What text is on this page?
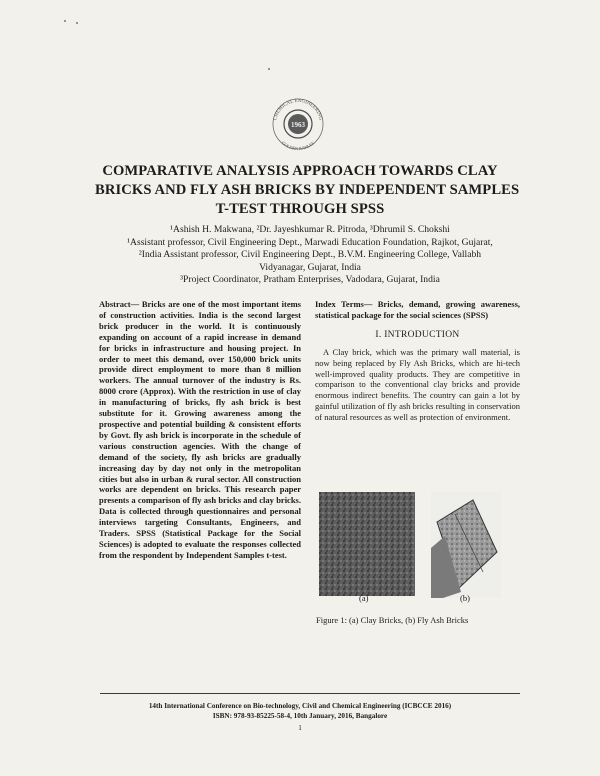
CHEMICAL ENGINEERING
GOLDEN JUBILEE
1963
COMPARATIVE ANALYSIS APPROACH TOWARDS CLAY
BRICKS AND FLY ASH BRICKS BY INDEPENDENT SAMPLES
T-TEST THROUGH SPSS
¹Ashish H. Makwana, ²Dr. Jayeshkumar R. Pitroda, ³Dhrumil S. Chokshi
¹Assistant professor, Civil Engineering Dept., Marwadi Education Foundation, Rajkot, Gujarat,
²India Assistant professor, Civil Engineering Dept., B.V.M. Engineering College, Vallabh
Vidyanagar, Gujarat, India
³Project Coordinator, Pratham Enterprises, Vadodara, Gujarat, India
Abstract— Bricks are one of the most important items of construction activities. India is the second largest brick producer in the world. It is continuously expanding on account of a rapid increase in demand for bricks in infrastructure and housing project. In order to meet this demand, over 150,000 brick units provide direct employment to more than 8 million workers. The annual turnover of the industry is Rs. 8000 crore (Approx). With the restriction in use of clay in manufacturing of bricks, fly ash brick is best substitute for it. Growing awareness among the prospective and potential building & consistent efforts by Govt. fly ash brick is incorporate in the schedule of various construction agencies. With the change of demand of the society, fly ash bricks are gradually increasing day by day not only in the metropolitan cities but also in urban & rural sector. All construction works are dependent on bricks. This research paper presents a comparison of fly ash bricks and clay bricks. Data is collected through questionnaires and personal interviews targeting Consultants, Engineers, and Traders. SPSS (Statistical Package for the Social Sciences) is adopted to evaluate the responses collected from the respondent by Independent Samples t-test.
Index Terms— Bricks, demand, growing awareness, statistical package for the social sciences (SPSS)
I. INTRODUCTION

A Clay brick, which was the primary wall material, is now being replaced by Fly Ash Bricks, which are hi-tech well-improved quality products. They are competitive in comparison to the conventional clay bricks and provide enormous indirect benefits. The country can gain a lot by gainful utilization of fly ash bricks resulting in conservation of natural resources as well as protection of environment.

(a)	(b)
Figure 1: (a) Clay Bricks, (b) Fly Ash Bricks
14th International Conference on Bio-technology, Civil and Chemical Engineering (ICBCCE 2016)
ISBN: 978-93-85225-58-4, 10th January, 2016, Bangalore
1
